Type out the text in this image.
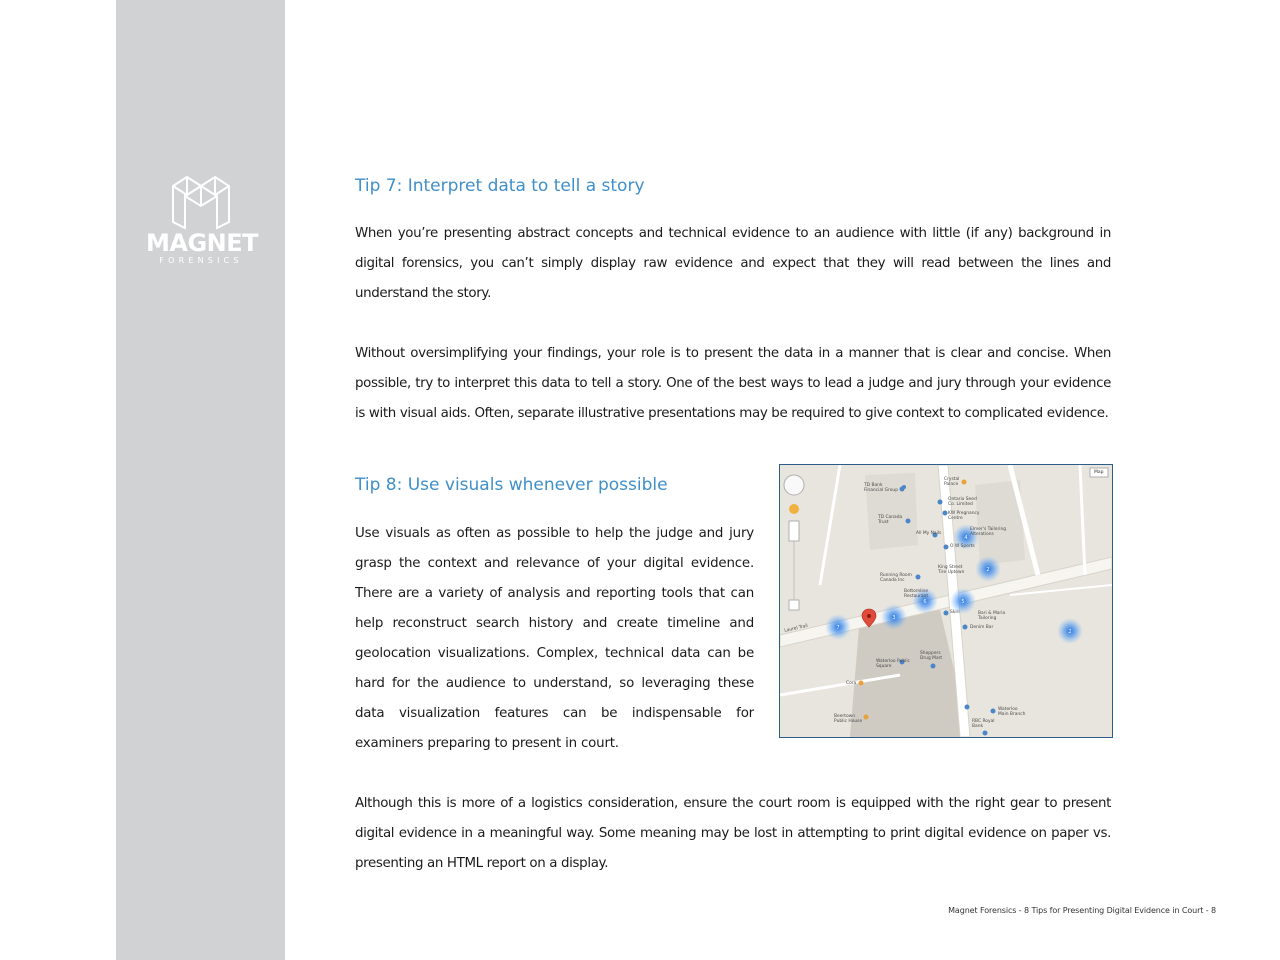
MAGNET
FORENSICS
Tip 7: Interpret data to tell a story

When you’re presenting abstract concepts and technical evidence to an audience with little (if any) background in digital forensics, you can’t simply display raw evidence and expect that they will read between the lines and understand the story.

Without oversimplifying your findings, your role is to present the data in a manner that is clear and concise. When possible, try to interpret this data to tell a story. One of the best ways to lead a judge and jury through your evidence is with visual aids. Often, separate illustrative presentations may be required to give context to complicated evidence.

Tip 8: Use visuals whenever possible

Use visuals as often as possible to help the judge and jury grasp the context and relevance of your digital evidence. There are a variety of analysis and reporting tools that can help reconstruct search history and create timeline and geolocation visualizations. Complex, technical data can be hard for the audience to understand, so leveraging these data visualization features can be indispensable for examiners preparing to present in court.

4
2
6	5
3
7
2
Map
TD Bank Financial Group
Crystal Palace
Ontario Seed Co. Limited
KW Pregnancy Centre
TD Canada Trust
Elmer's Tailoring Alterations
All My Nails
O W Sports
King Street Tire Uptown
Running Room Canada Inc
Bottomline Restaurant
Bari & Maria Tailoring
Skiri
Denim Bar
Waterloo Public Square
Shoppers Drug Mart
Cora
Beertown Public House
Waterloo Main Branch
RBC Royal Bank
Laurel Trail

Although this is more of a logistics consideration, ensure the court room is equipped with the right gear to present digital evidence in a meaningful way. Some meaning may be lost in attempting to print digital evidence on paper vs. presenting an HTML report on a display.

Magnet Forensics - 8 Tips for Presenting Digital Evidence in Court - 8
